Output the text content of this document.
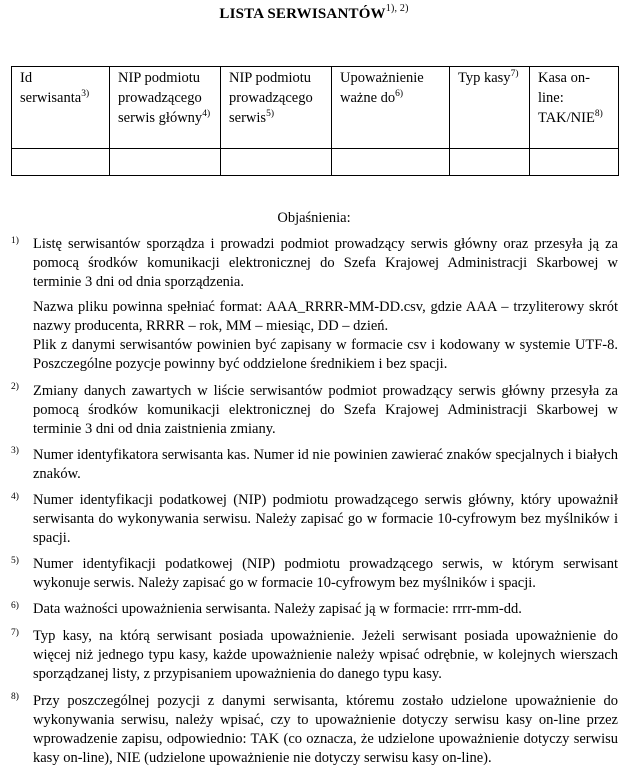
LISTA $SERWISANTÓW^{1), 2)}$
Id serwisanta$^{3)}$	NIP podmiotu prowadzącego serwis główny$^{4)}$	NIP podmiotu prowadzącego serwis$^{5)}$	Upoważnienie ważne $do^{6)}$	Typ kasy$^{7)}$	Kasa on-line: TAK/NIE$^{8)}$

Objaśnienia:
1) Listę serwisantów sporządza i prowadzi podmiot prowadzący serwis główny oraz przesyła ją za pomocą środków komunikacji elektronicznej do Szefa Krajowej Administracji Skarbowej w terminie 3 dni od dnia sporządzenia.

Nazwa pliku powinna spełniać format: AAA_RRRR-MM-DD.csv, gdzie AAA – trzyliterowy skrót nazwy producenta, RRRR – rok, MM – miesiąc, DD – dzień.

Plik z danymi serwisantów powinien być zapisany w formacie csv i kodowany w systemie UTF-8. Poszczególne pozycje powinny być oddzielone średnikiem i bez spacji.

2) Zmiany danych zawartych w liście serwisantów podmiot prowadzący serwis główny przesyła za pomocą środków komunikacji elektronicznej do Szefa Krajowej Administracji Skarbowej w terminie 3 dni od dnia zaistnienia zmiany.

3) Numer identyfikatora serwisanta kas. Numer id nie powinien zawierać znaków specjalnych i białych znaków.

4) Numer identyfikacji podatkowej (NIP) podmiotu prowadzącego serwis główny, który upoważnił serwisanta do wykonywania serwisu. Należy zapisać go w formacie 10-cyfrowym bez myślników i spacji.

5) Numer identyfikacji podatkowej (NIP) podmiotu prowadzącego serwis, w którym serwisant wykonuje serwis. Należy zapisać go w formacie 10-cyfrowym bez myślników i spacji.

6) Data ważności upoważnienia serwisanta. Należy zapisać ją w formacie: rrrr-mm-dd.

7) Typ kasy, na którą serwisant posiada upoważnienie. Jeżeli serwisant posiada upoważnienie do więcej niż jednego typu kasy, każde upoważnienie należy wpisać odrębnie, w kolejnych wierszach sporządzanej listy, z przypisaniem upoważnienia do danego typu kasy.

8) Przy poszczególnej pozycji z danymi serwisanta, któremu zostało udzielone upoważnienie do wykonywania serwisu, należy wpisać, czy to upoważnienie dotyczy serwisu kasy on-line przez wprowadzenie zapisu, odpowiednio: TAK (co oznacza, że udzielone upoważnienie dotyczy serwisu kasy on-line), NIE (udzielone upoważnienie nie dotyczy serwisu kasy on-line).
